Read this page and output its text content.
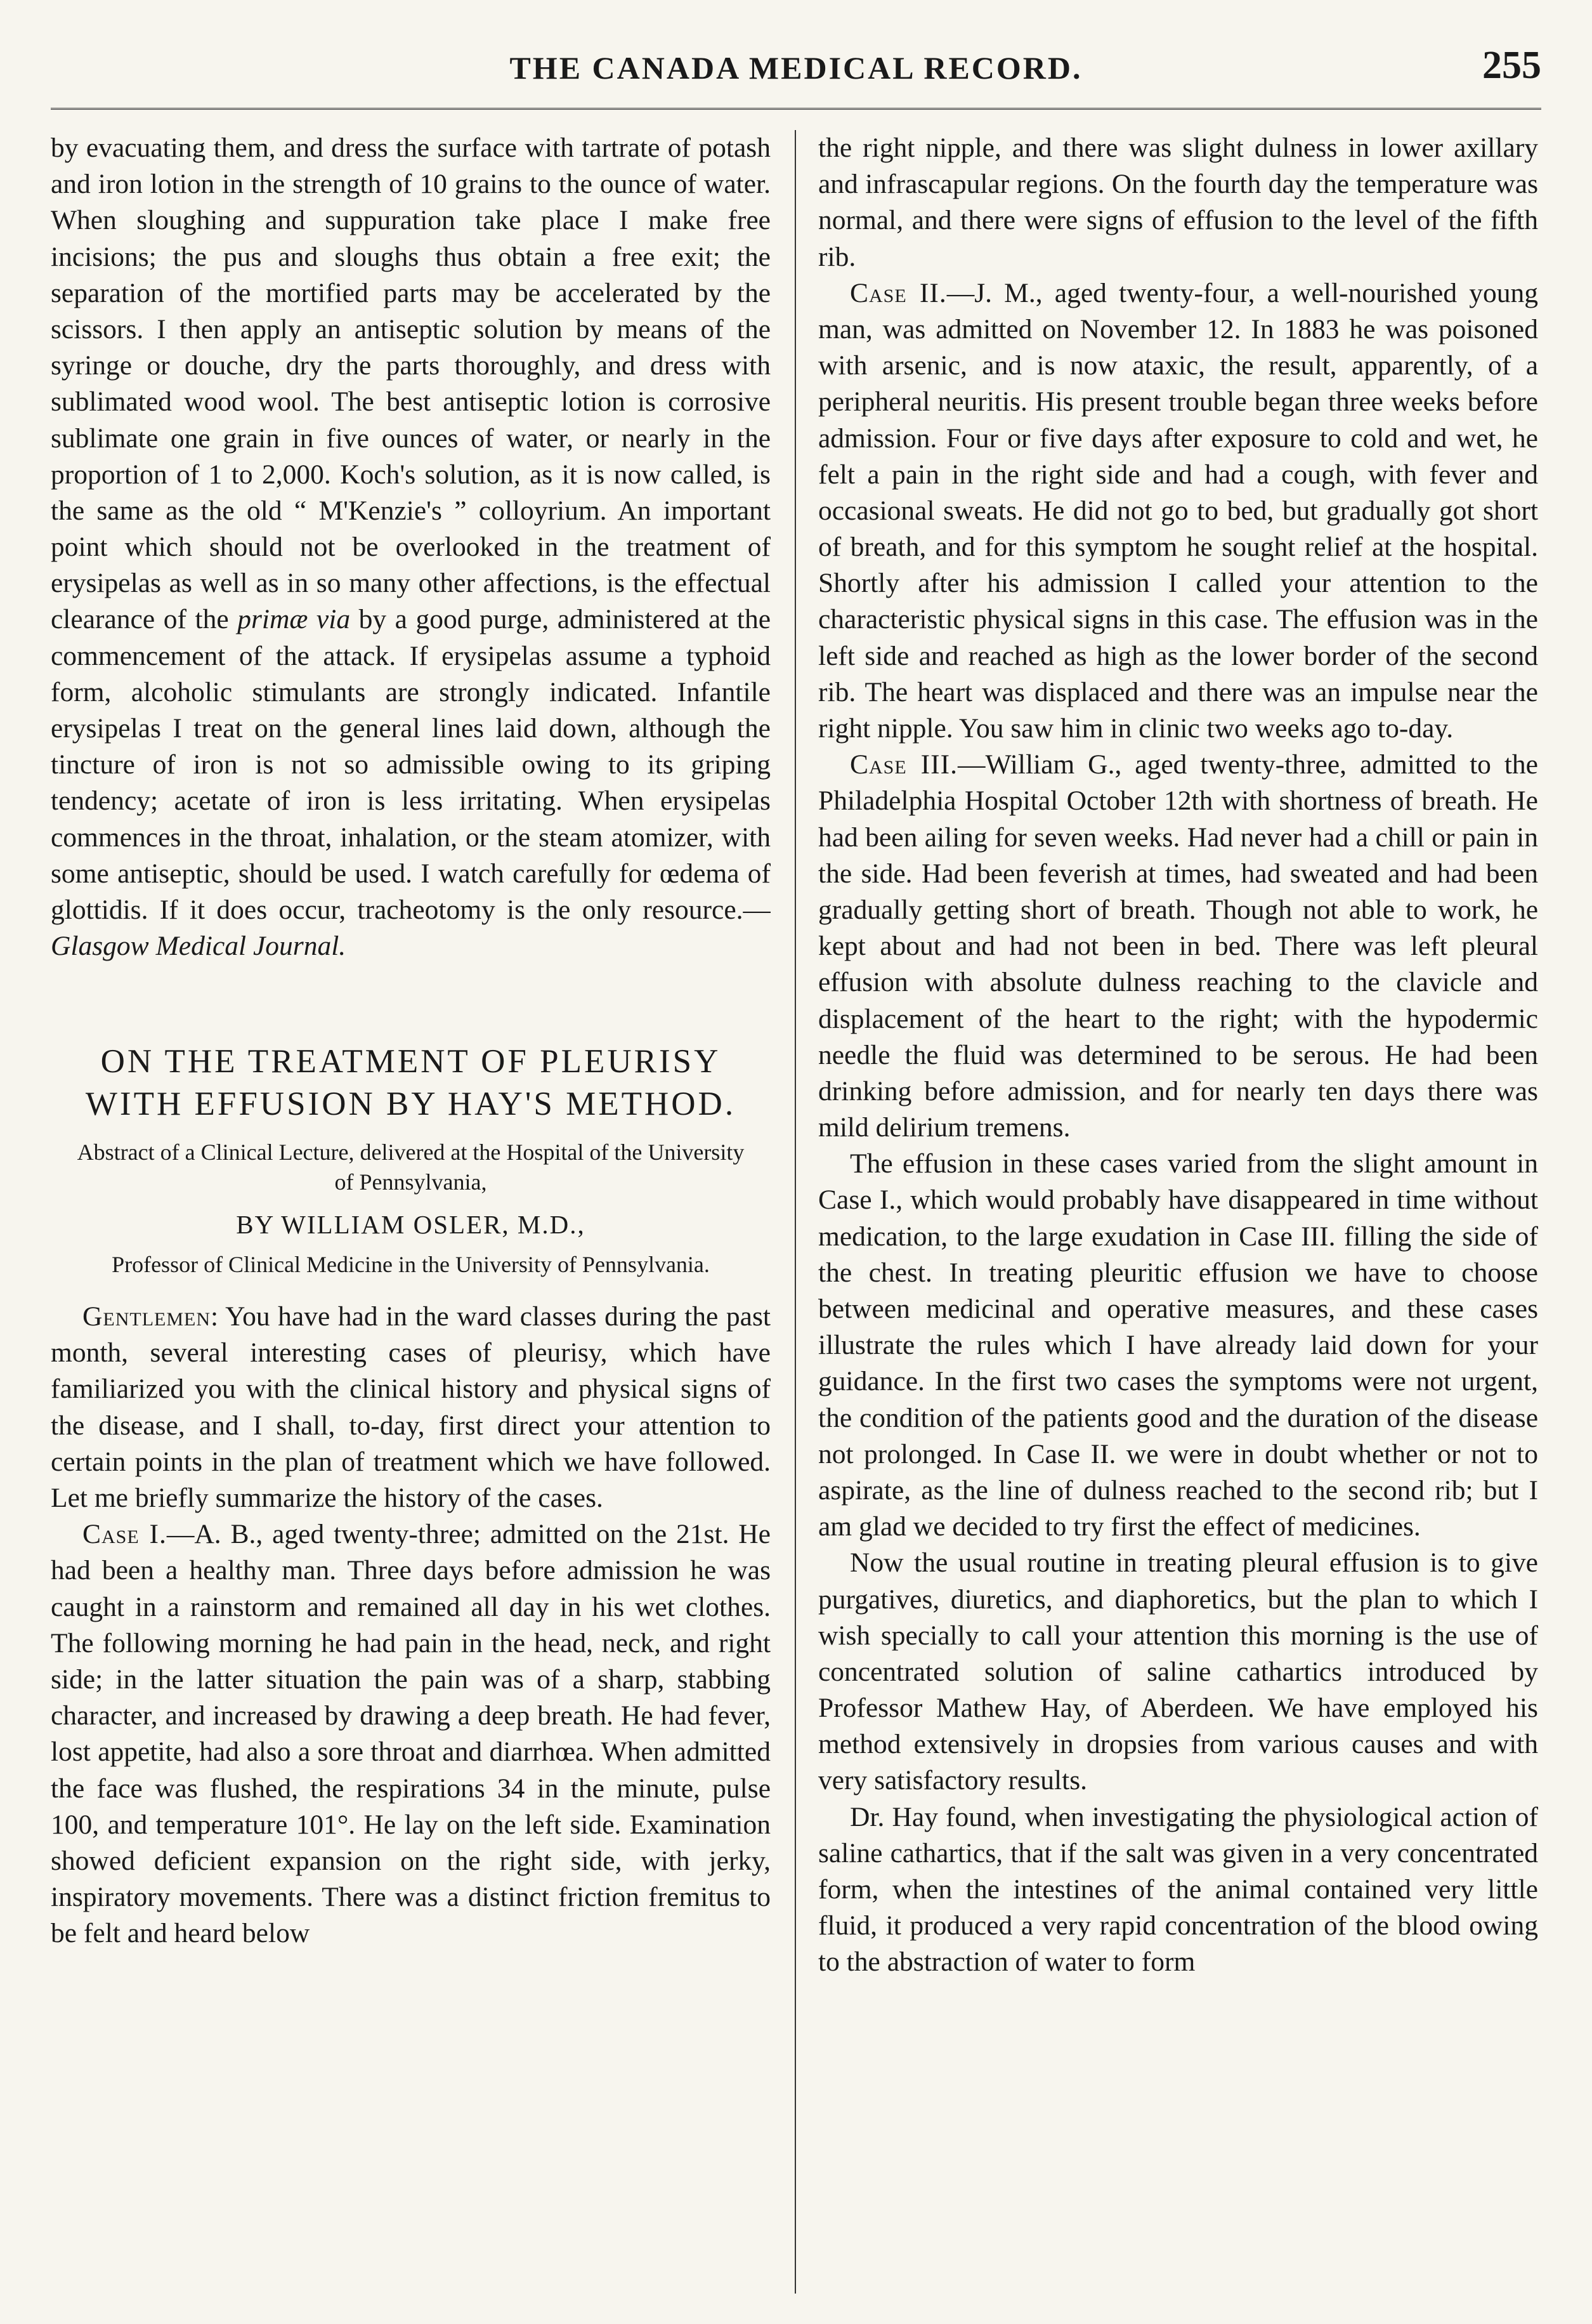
THE CANADA MEDICAL RECORD.	255

by evacuating them, and dress the surface with tartrate of potash and iron lotion in the strength of 10 grains to the ounce of water. When sloughing and suppuration take place I make free incisions; the pus and sloughs thus obtain a free exit; the separation of the mortified parts may be accelerated by the scissors. I then apply an antiseptic solution by means of the syringe or douche, dry the parts thoroughly, and dress with sublimated wood wool. The best antiseptic lotion is corrosive sublimate one grain in five ounces of water, or nearly in the proportion of 1 to 2,000. Koch's solution, as it is now called, is the same as the old “ M'Kenzie's ” colloyrium. An important point which should not be overlooked in the treatment of erysipelas as well as in so many other affections, is the effectual clearance of the primæ via by a good purge, administered at the commencement of the attack. If erysipelas assume a typhoid form, alcoholic stimulants are strongly indicated. Infantile erysipelas I treat on the general lines laid down, although the tincture of iron is not so admissible owing to its griping tendency; acetate of iron is less irritating. When erysipelas commences in the throat, inhalation, or the steam atomizer, with some antiseptic, should be used. I watch carefully for œdema of glottidis. If it does occur, tracheotomy is the only resource.— Glasgow Medical Journal.

ON THE TREATMENT OF PLEURISY WITH EFFUSION BY HAY'S METHOD.
Abstract of a Clinical Lecture, delivered at the Hospital of the University of Pennsylvania,
BY WILLIAM OSLER, M.D.,
Professor of Clinical Medicine in the University of Pennsylvania.

Gentlemen: You have had in the ward classes during the past month, several interesting cases of pleurisy, which have familiarized you with the clinical history and physical signs of the disease, and I shall, to-day, first direct your attention to certain points in the plan of treatment which we have followed. Let me briefly summarize the history of the cases.

Case I.—A. B., aged twenty-three; admitted on the 21st. He had been a healthy man. Three days before admission he was caught in a rainstorm and remained all day in his wet clothes. The following morning he had pain in the head, neck, and right side; in the latter situation the pain was of a sharp, stabbing character, and increased by drawing a deep breath. He had fever, lost appetite, had also a sore throat and diarrhœa. When admitted the face was flushed, the respirations 34 in the minute, pulse 100, and temperature 101°. He lay on the left side. Examination showed deficient expansion on the right side, with jerky, inspiratory movements. There was a distinct friction fremitus to be felt and heard below

the right nipple, and there was slight dulness in lower axillary and infrascapular regions. On the fourth day the temperature was normal, and there were signs of effusion to the level of the fifth rib.

Case II.—J. M., aged twenty-four, a well-nourished young man, was admitted on November 12. In 1883 he was poisoned with arsenic, and is now ataxic, the result, apparently, of a peripheral neuritis. His present trouble began three weeks before admission. Four or five days after exposure to cold and wet, he felt a pain in the right side and had a cough, with fever and occasional sweats. He did not go to bed, but gradually got short of breath, and for this symptom he sought relief at the hospital. Shortly after his admission I called your attention to the characteristic physical signs in this case. The effusion was in the left side and reached as high as the lower border of the second rib. The heart was displaced and there was an impulse near the right nipple. You saw him in clinic two weeks ago to-day.

Case III.—William G., aged twenty-three, admitted to the Philadelphia Hospital October 12th with shortness of breath. He had been ailing for seven weeks. Had never had a chill or pain in the side. Had been feverish at times, had sweated and had been gradually getting short of breath. Though not able to work, he kept about and had not been in bed. There was left pleural effusion with absolute dulness reaching to the clavicle and displacement of the heart to the right; with the hypodermic needle the fluid was determined to be serous. He had been drinking before admission, and for nearly ten days there was mild delirium tremens.

The effusion in these cases varied from the slight amount in Case I., which would probably have disappeared in time without medication, to the large exudation in Case III. filling the side of the chest. In treating pleuritic effusion we have to choose between medicinal and operative measures, and these cases illustrate the rules which I have already laid down for your guidance. In the first two cases the symptoms were not urgent, the condition of the patients good and the duration of the disease not prolonged. In Case II. we were in doubt whether or not to aspirate, as the line of dulness reached to the second rib; but I am glad we decided to try first the effect of medicines.

Now the usual routine in treating pleural effusion is to give purgatives, diuretics, and diaphoretics, but the plan to which I wish specially to call your attention this morning is the use of concentrated solution of saline cathartics introduced by Professor Mathew Hay, of Aberdeen. We have employed his method extensively in dropsies from various causes and with very satisfactory results.

Dr. Hay found, when investigating the physiological action of saline cathartics, that if the salt was given in a very concentrated form, when the intestines of the animal contained very little fluid, it produced a very rapid concentration of the blood owing to the abstraction of water to form
